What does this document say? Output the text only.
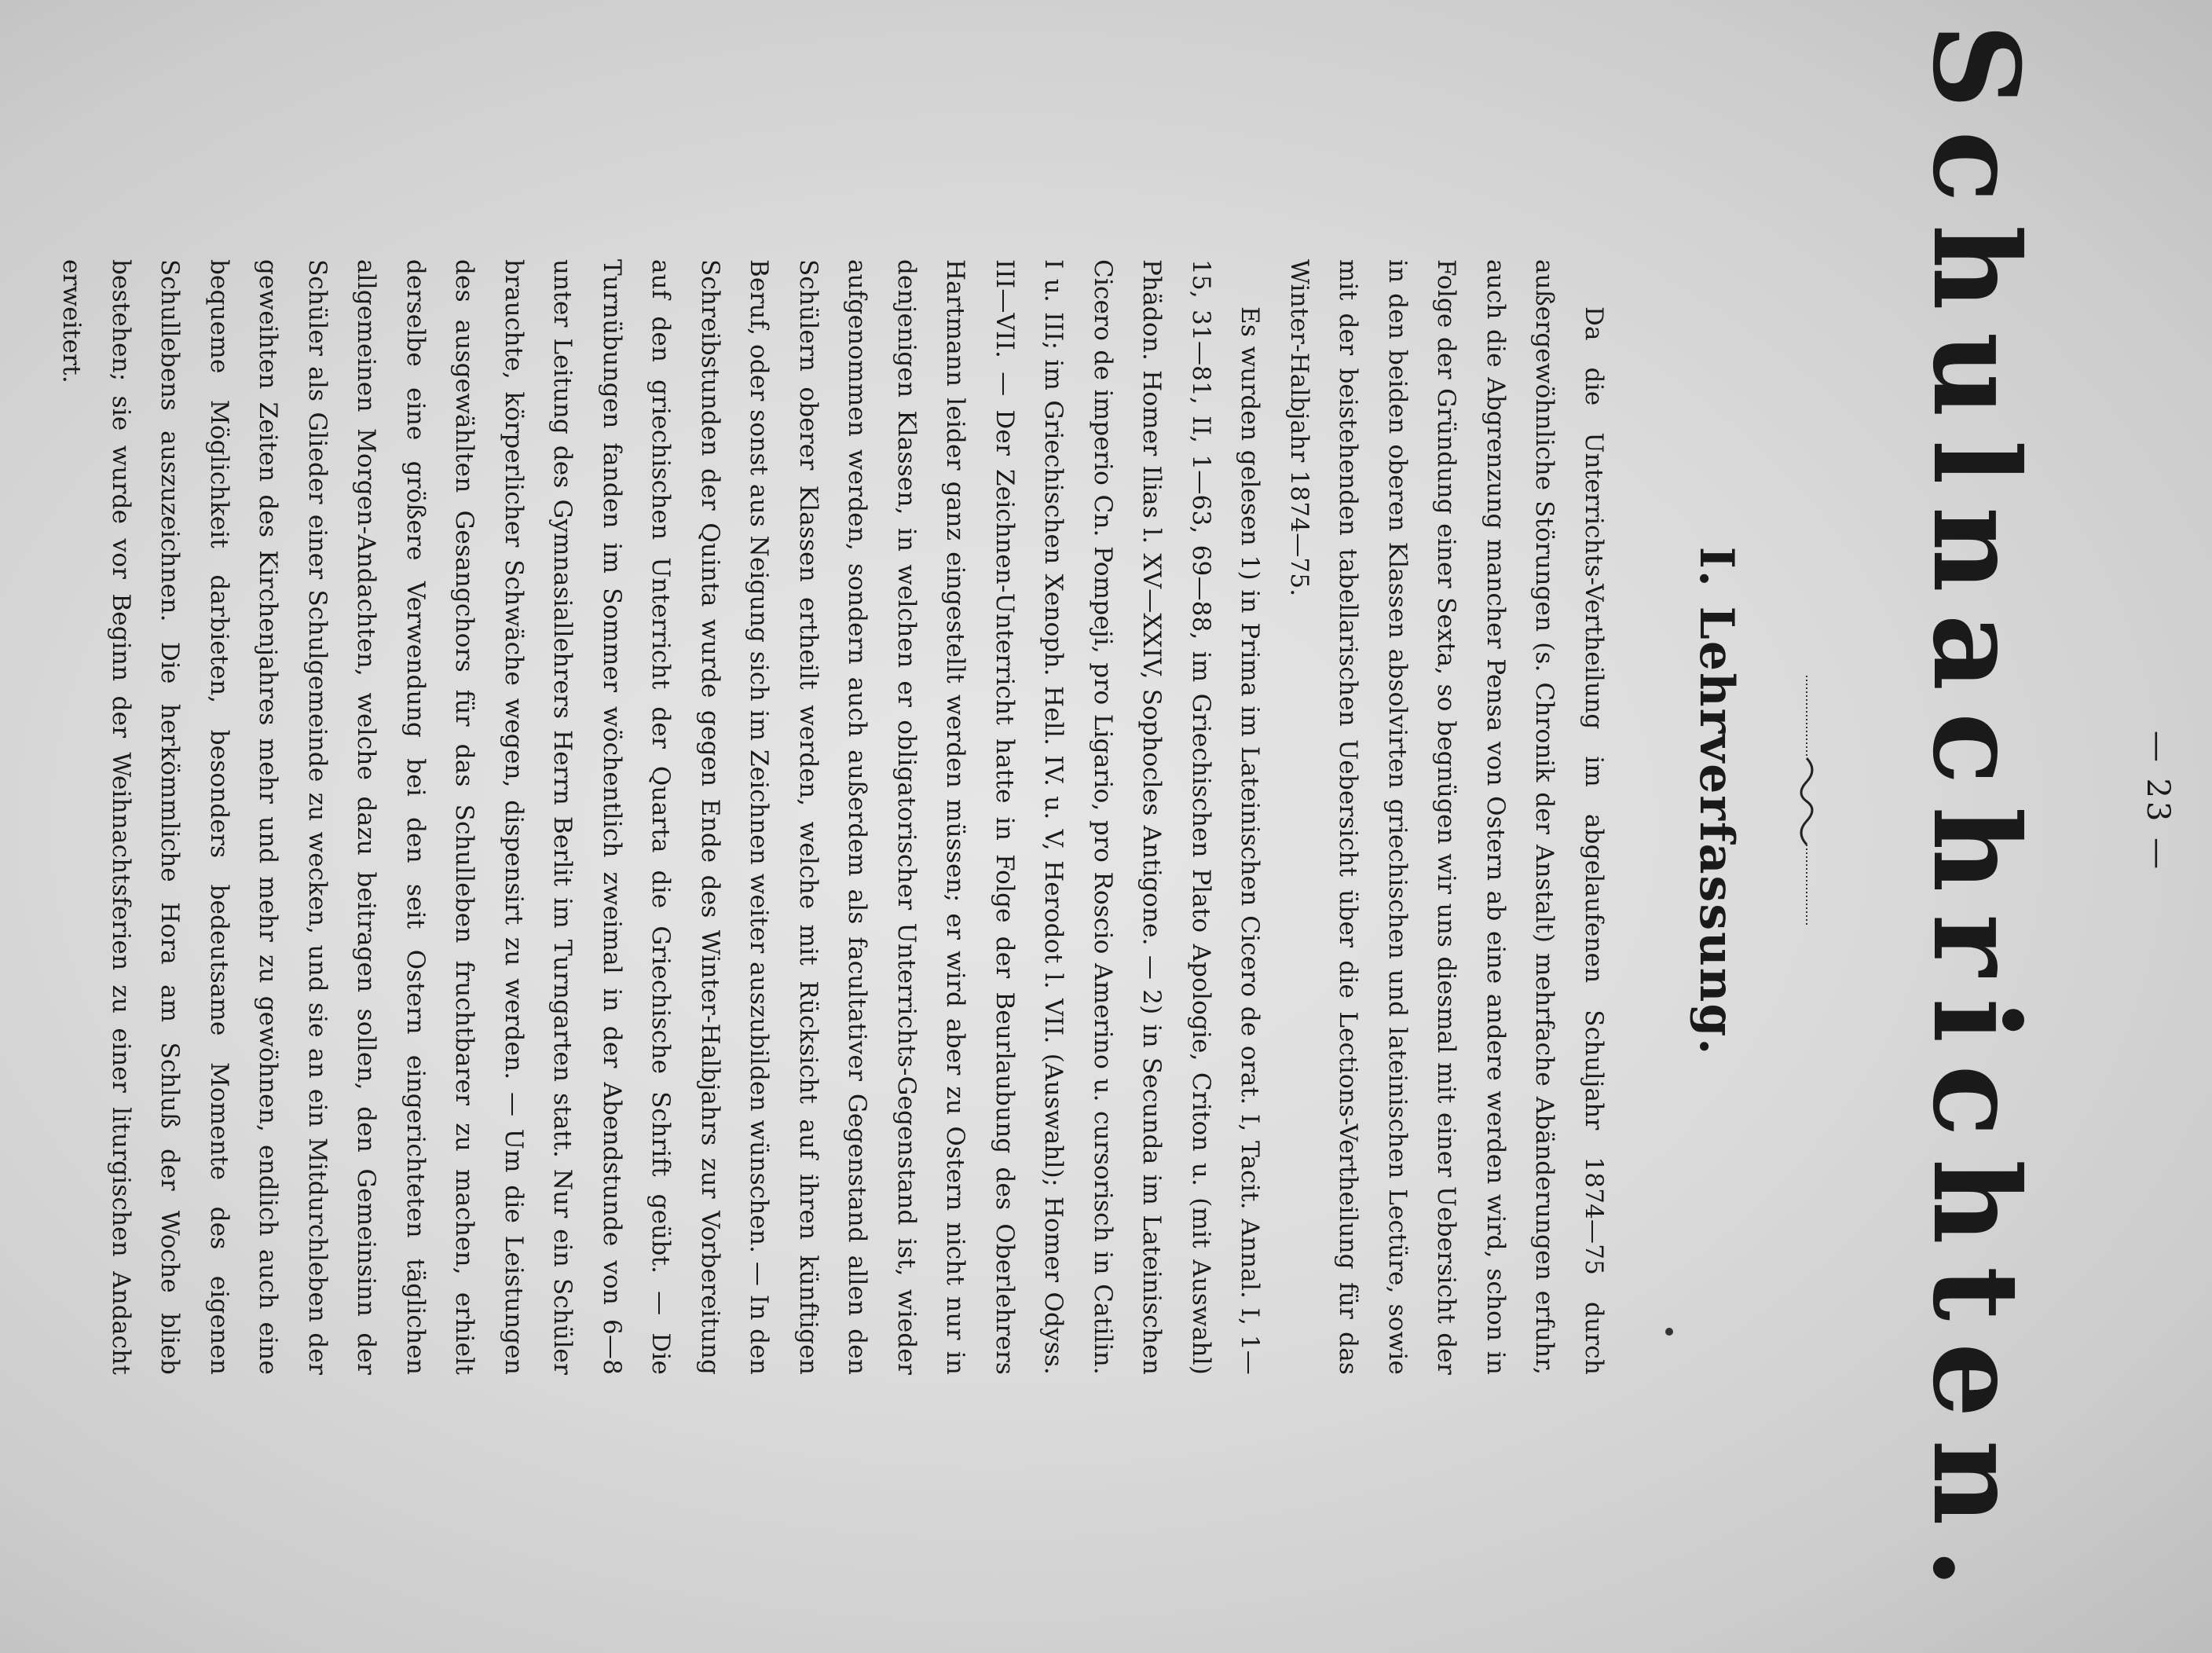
— 23 —
Schulnachrichten.
I. Lehrverfassung.

Da die Unterrichts-Vertheilung im abgelaufenen Schuljahr 1874—75 durch außergewöhnliche Störungen (s. Chronik der Anstalt) mehrfache Abänderungen erfuhr, auch die Abgrenzung mancher Pensa von Ostern ab eine andere werden wird, schon in Folge der Gründung einer Sexta, so begnügen wir uns diesmal mit einer Uebersicht der in den beiden oberen Klassen absolvirten griechischen und lateinischen Lectüre, sowie mit der beistehenden tabellarischen Uebersicht über die Lections-Vertheilung für das Winter-Halbjahr 1874—75.

Es wurden gelesen 1) in Prima im Lateinischen Cicero de orat. I, Tacit. Annal. I, 1—15, 31—81, II, 1—63, 69—88, im Griechischen Plato Apologie, Criton u. (mit Auswahl) Phädon. Homer Ilias l. XV—XXIV, Sophocles Antigone. — 2) in Secunda im Lateinischen Cicero de imperio Cn. Pompeji, pro Ligario, pro Roscio Amerino u. cursorisch in Catilin. I u. III; im Griechischen Xenoph. Hell. IV. u. V, Herodot l. VII. (Auswahl); Homer Odyss. III—VII. — Der Zeichnen-Unterricht hatte in Folge der Beurlaubung des Oberlehrers Hartmann leider ganz eingestellt werden müssen; er wird aber zu Ostern nicht nur in denjenigen Klassen, in welchen er obligatorischer Unterrichts-Gegenstand ist, wieder aufgenommen werden, sondern auch außerdem als facultativer Gegenstand allen den Schülern oberer Klassen ertheilt werden, welche mit Rücksicht auf ihren künftigen Beruf, oder sonst aus Neigung sich im Zeichnen weiter auszubilden wünschen. — In den Schreibstunden der Quinta wurde gegen Ende des Winter-Halbjahrs zur Vorbereitung auf den griechischen Unterricht der Quarta die Griechische Schrift geübt. — Die Turnübungen fanden im Sommer wöchentlich zweimal in der Abendstunde von 6—8 unter Leitung des Gymnasiallehrers Herrn Berlit im Turngarten statt. Nur ein Schüler brauchte, körperlicher Schwäche wegen, dispensirt zu werden. — Um die Leistungen des ausgewählten Gesangchors für das Schulleben fruchtbarer zu machen, erhielt derselbe eine größere Verwendung bei den seit Ostern eingerichteten täglichen allgemeinen Morgen-Andachten, welche dazu beitragen sollen, den Gemeinsinn der Schüler als Glieder einer Schulgemeinde zu wecken, und sie an ein Mitdurchleben der geweihten Zeiten des Kirchenjahres mehr und mehr zu gewöhnen, endlich auch eine bequeme Möglichkeit darbieten, besonders bedeutsame Momente des eigenen Schullebens auszuzeichnen. Die herkömmliche Hora am Schluß der Woche blieb bestehen; sie wurde vor Beginn der Weihnachtsferien zu einer liturgischen Andacht erweitert.
